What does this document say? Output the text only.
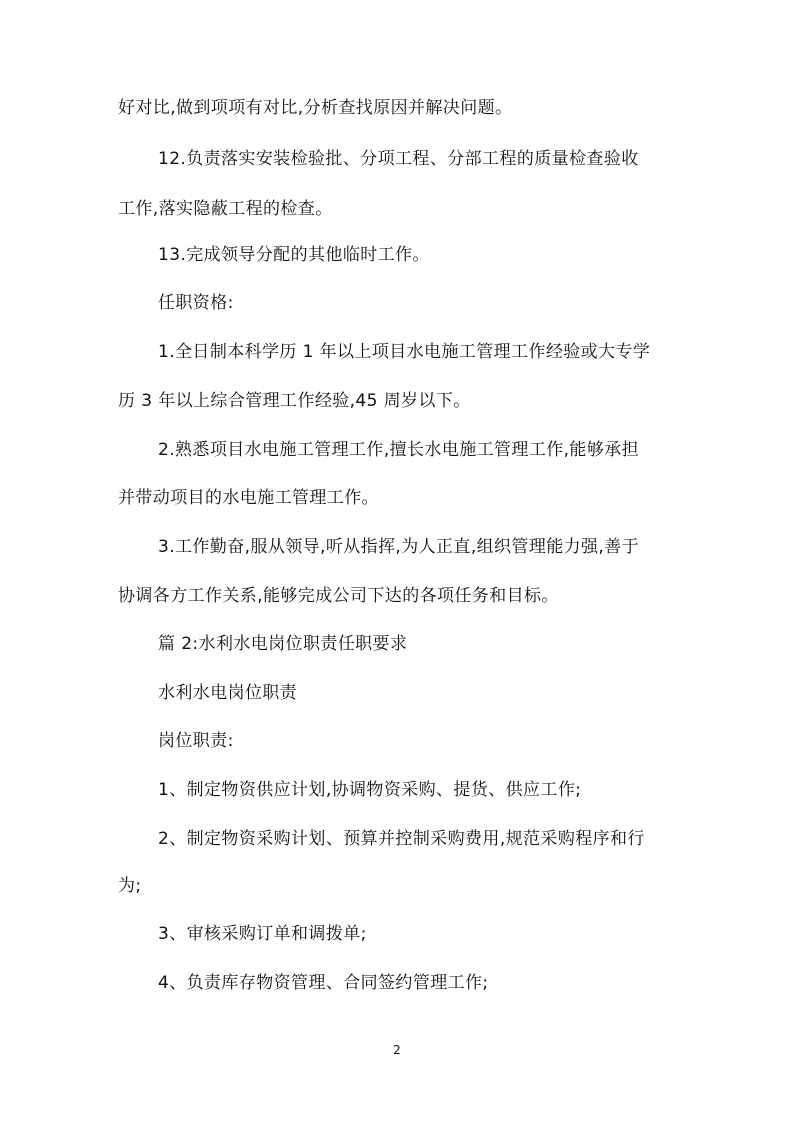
好对比,做到项项有对比,分析查找原因并解决问题。
12.负责落实安装检验批、分项工程、分部工程的质量检查验收
工作,落实隐蔽工程的检查。
13.完成领导分配的其他临时工作。
任职资格:
1.全日制本科学历 1 年以上项目水电施工管理工作经验或大专学
历 3 年以上综合管理工作经验,45 周岁以下。
2.熟悉项目水电施工管理工作,擅长水电施工管理工作,能够承担
并带动项目的水电施工管理工作。
3.工作勤奋,服从领导,听从指挥,为人正直,组织管理能力强,善于
协调各方工作关系,能够完成公司下达的各项任务和目标。
篇 2:水利水电岗位职责任职要求
水利水电岗位职责
岗位职责:
1、制定物资供应计划,协调物资采购、提货、供应工作;
2、制定物资采购计划、预算并控制采购费用,规范采购程序和行
为;
3、审核采购订单和调拨单;
4、负责库存物资管理、合同签约管理工作;
2
